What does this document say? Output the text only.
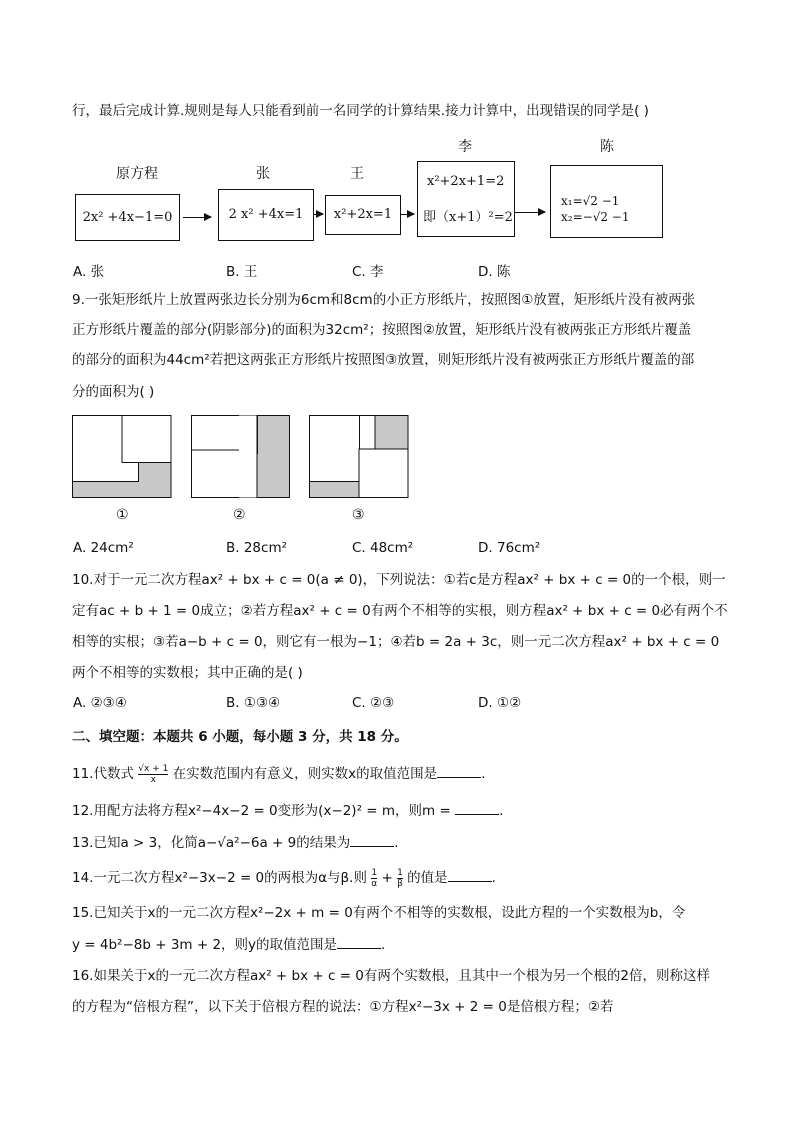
行，最后完成计算.规则是每人只能看到前一名同学的计算结果.接力计算中，出现错误的同学是( )
原方程	张	王
李	陈
2x² +4x−1=0	2 x² +4x=1	x²+2x=1
x²+2x+1=2
即（x+1）²=2
x₁=√2 −1
x₂=−√2 −1
A. 张	B. 王	C. 李	D. 陈
9.一张矩形纸片上放置两张边长分别为6cm和8cm的小正方形纸片，按照图①放置，矩形纸片没有被两张
正方形纸片覆盖的部分(阴影部分)的面积为32cm²；按照图②放置，矩形纸片没有被两张正方形纸片覆盖
的部分的面积为44cm²若把这两张正方形纸片按照图③放置，则矩形纸片没有被两张正方形纸片覆盖的部
分的面积为( )
①	②	③
A. 24cm²	B. 28cm²	C. 48cm²	D. 76cm²
10.对于一元二次方程ax² + bx + c = 0(a ≠ 0)，下列说法：①若c是方程ax² + bx + c = 0的一个根，则一
定有ac + b + 1 = 0成立；②若方程ax² + c = 0有两个不相等的实根，则方程ax² + bx + c = 0必有两个不
相等的实根；③若a−b + c = 0，则它有一根为−1；④若b = 2a + 3c，则一元二次方程ax² + bx + c = 0
两个不相等的实数根；其中正确的是( )
A. ②③④	B. ①③④	C. ②③	D. ①②
二、填空题：本题共 6 小题，每小题 3 分，共 18 分。
11.代数式 $\frac{√x + 1}{x}$ 在实数范围内有意义，则实数x的取值范围是	.
12.用配方法将方程x²−4x−2 = 0变形为(x−2)² = m，则m =	.
13.已知a > 3，化简a−√a²−6a + 9的结果为	.
14.一元二次方程x²−3x−2 = 0的两根为α与β.则 $\frac{1}{\alpha} + \frac{1}{\beta}$ 的值是	.
15.已知关于x的一元二次方程x²−2x + m = 0有两个不相等的实数根，设此方程的一个实数根为b，令
y = 4b²−8b + 3m + 2，则y的取值范围是	.
16.如果关于x的一元二次方程ax² + bx + c = 0有两个实数根，且其中一个根为另一个根的2倍，则称这样
的方程为“倍根方程”，以下关于倍根方程的说法：①方程x²−3x + 2 = 0是倍根方程；②若
